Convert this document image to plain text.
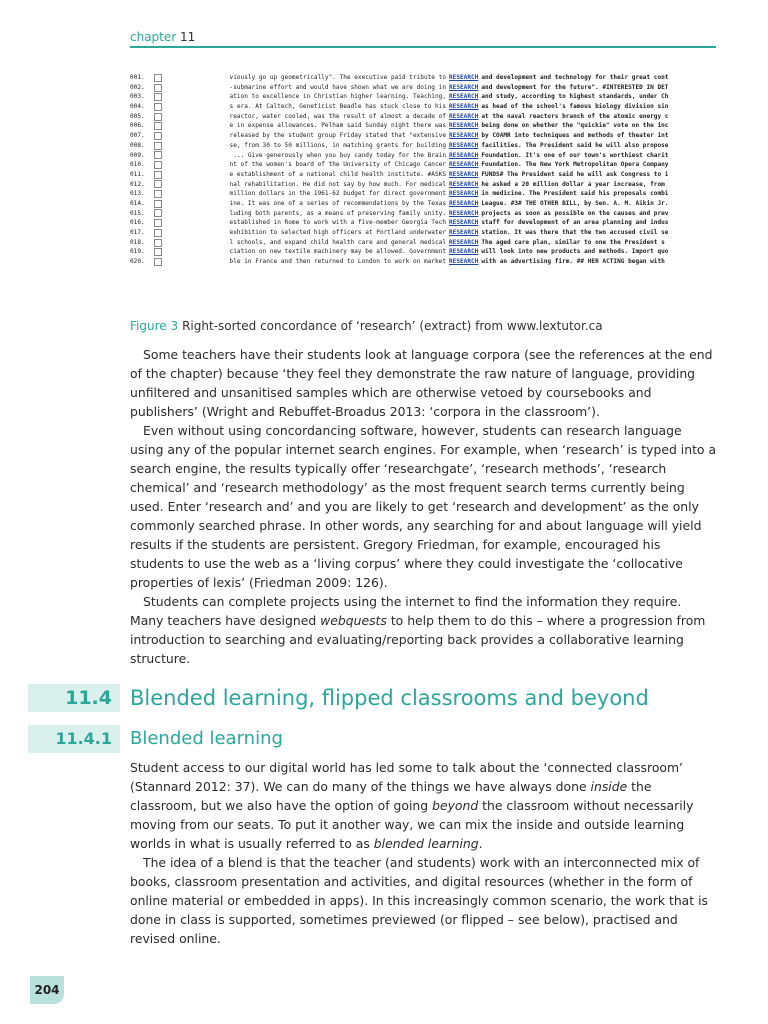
chapter 11
001.	viously go up geometrically". The executive paid tribute to RESEARCH and development and technology for their great cont
002.	-submarine effort and would have shown what we are doing in RESEARCH and development for the future". #INTERESTED IN DET
003.	ation to excellence in Christian higher learning. Teaching, RESEARCH and study, according to highest standards, under Ch
004.	s era. At Caltech, Geneticist Beadle has stuck close to his RESEARCH as head of the school's famous biology division sin
005.	reactor, water cooled, was the result of almost a decade of RESEARCH at the naval reactors branch of the atomic energy c
006.	e in expense allowances. Pelham said Sunday night there was RESEARCH being done on whether the "quickie" vote on the inc
007.	released by the student group Friday stated that "extensive RESEARCH by COAMR into techniques and methods of theater int
008.	se, from 30 to 50 millions, in matching grants for building RESEARCH facilities. The President said he will also propose
009.	... Give generously when you buy candy today for the Brain RESEARCH Foundation. It's one of our town's worthiest charit
010.	nt of the women's board of the University of Chicago Cancer RESEARCH Foundation. The New York Metropolitan Opera Company
011.	e establishment of a national child health institute. #ASKS RESEARCH FUNDS# The President said he will ask Congress to i
012.	nal rehabilitation. He did not say by how much. For medical RESEARCH he asked a 20 million dollar a year increase, from
013.	million dollars in the 1961-62 budget for direct government RESEARCH in medicine. The President said his proposals combi
014.	ine. It was one of a series of recommendations by the Texas RESEARCH League. #3# THE OTHER BILL, by Sen. A. M. Aikin Jr.
015.	luding both parents, as a means of preserving family unity. RESEARCH projects as soon as possible on the causes and prev
016.	established in Rome to work with a five-member Georgia Tech RESEARCH staff for development of an area planning and indus
017.	exhibition to selected high officers at Portland underwater RESEARCH station. It was there that the two accused civil se
018.	l schools, and expand child health care and general medical RESEARCH The aged care plan, similar to one the President s
019.	ciation on new textile machinery may be allowed. Government RESEARCH will look into new products and methods. Import quo
020.	ble in France and then returned to London to work on market RESEARCH with an advertising firm. ## HER ACTING began with
Figure 3 Right-sorted concordance of ‘research’ (extract) from www.lextutor.ca

Some teachers have their students look at language corpora (see the references at the end of the chapter) because ‘they feel they demonstrate the raw nature of language, providing unfiltered and unsanitised samples which are otherwise vetoed by coursebooks and publishers’ (Wright and Rebuffet-Broadus 2013: ‘corpora in the classroom’).

Even without using concordancing software, however, students can research language using any of the popular internet search engines. For example, when ‘research’ is typed into a search engine, the results typically offer ‘researchgate’, ‘research methods’, ‘research chemical’ and ‘research methodology’ as the most frequent search terms currently being used. Enter ‘research and’ and you are likely to get ‘research and development’ as the only commonly searched phrase. In other words, any searching for and about language will yield results if the students are persistent. Gregory Friedman, for example, encouraged his students to use the web as a ‘living corpus’ where they could investigate the ‘collocative properties of lexis’ (Friedman 2009: 126).

Students can complete projects using the internet to find the information they require. Many teachers have designed webquests to help them to do this – where a progression from introduction to searching and evaluating/reporting back provides a collaborative learning structure.

11.4 Blended learning, flipped classrooms and beyond
11.4.1	Blended learning

Student access to our digital world has led some to talk about the ‘connected classroom’ (Stannard 2012: 37). We can do many of the things we have always done inside the classroom, but we also have the option of going beyond the classroom without necessarily moving from our seats. To put it another way, we can mix the inside and outside learning worlds in what is usually referred to as blended learning.

The idea of a blend is that the teacher (and students) work with an interconnected mix of books, classroom presentation and activities, and digital resources (whether in the form of online material or embedded in apps). In this increasingly common scenario, the work that is done in class is supported, sometimes previewed (or flipped – see below), practised and revised online.

204
